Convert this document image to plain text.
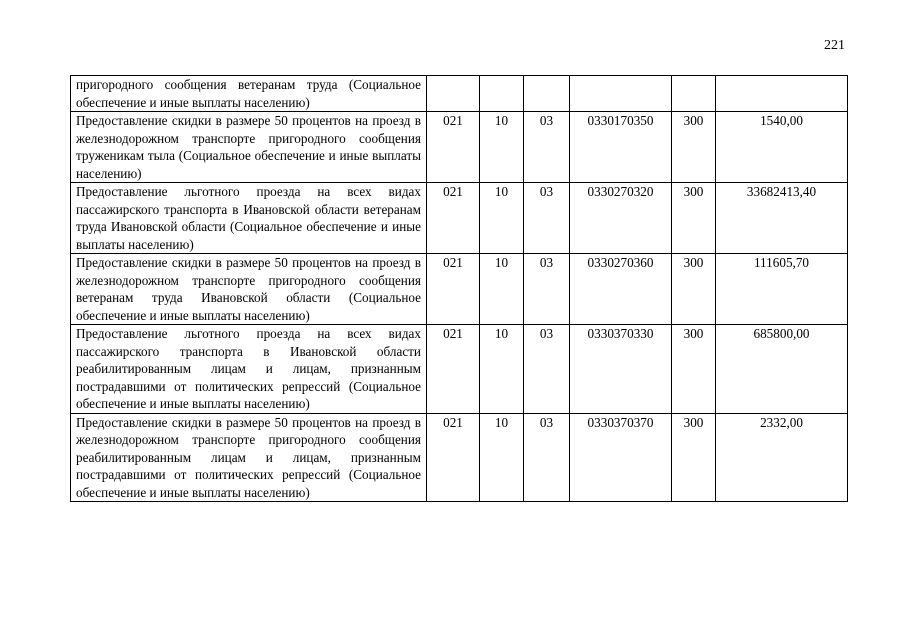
221
пригородного сообщения ветеранам труда (Социальное обеспечение и иные выплаты населению)						
Предоставление скидки в размере 50 процентов на проезд в железнодорожном транспорте пригородного сообщения труженикам тыла (Социальное обеспечение и иные выплаты населению)	021	10	03	0330170350	300	1540,00
Предоставление льготного проезда на всех видах пассажирского транспорта в Ивановской области ветеранам труда Ивановской области (Социальное обеспечение и иные выплаты населению)	021	10	03	0330270320	300	33682413,40
Предоставление скидки в размере 50 процентов на проезд в железнодорожном транспорте пригородного сообщения ветеранам труда Ивановской области (Социальное обеспечение и иные выплаты населению)	021	10	03	0330270360	300	111605,70
Предоставление льготного проезда на всех видах пассажирского транспорта в Ивановской области реабилитированным лицам и лицам, признанным пострадавшими от политических репрессий (Социальное обеспечение и иные выплаты населению)	021	10	03	0330370330	300	685800,00
Предоставление скидки в размере 50 процентов на проезд в железнодорожном транспорте пригородного сообщения реабилитированным лицам и лицам, признанным пострадавшими от политических репрессий (Социальное обеспечение и иные выплаты населению)	021	10	03	0330370370	300	2332,00
